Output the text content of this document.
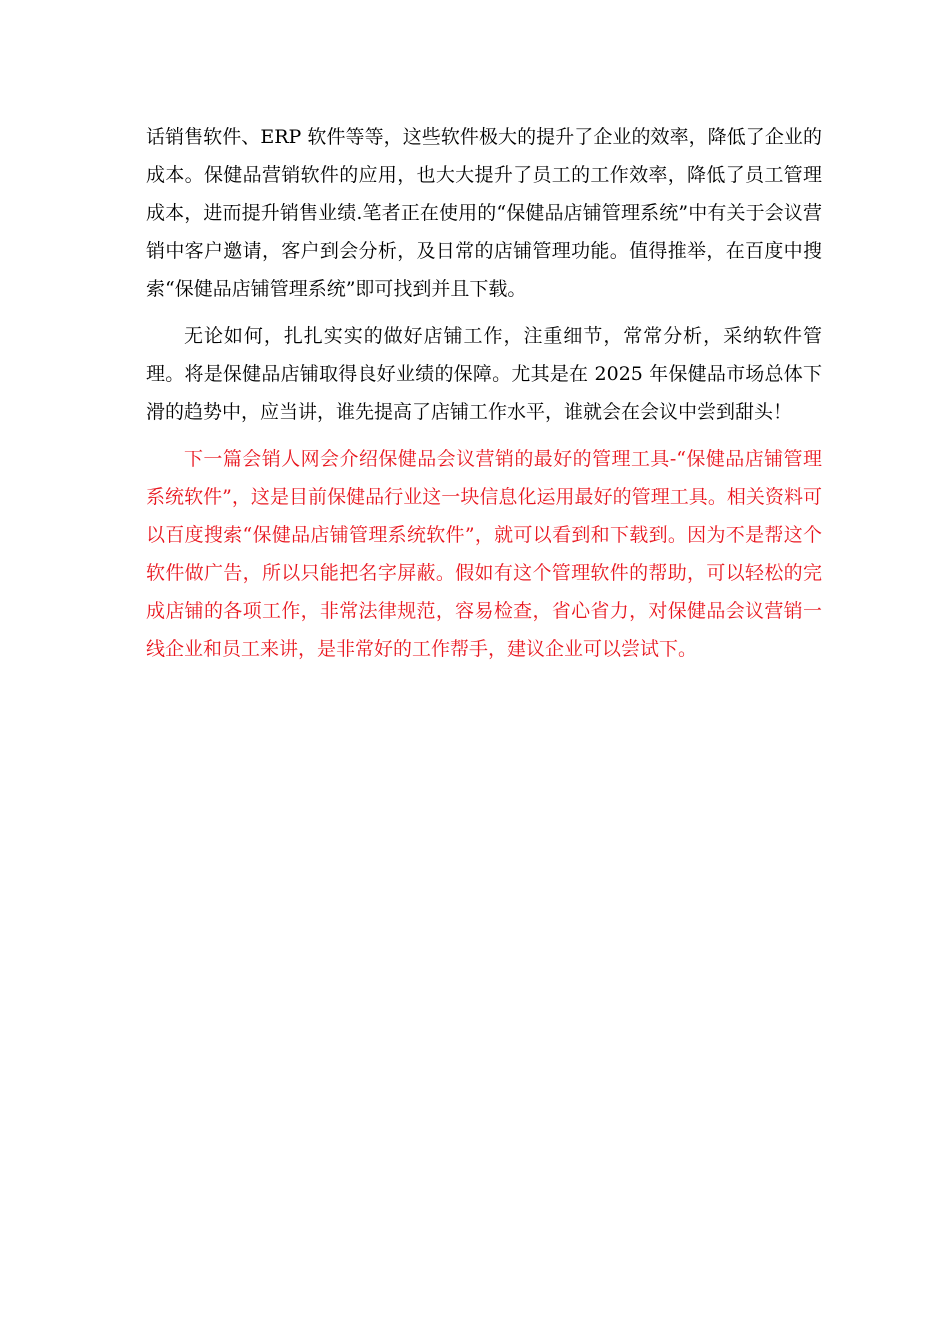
话销售软件、ERP 软件等等，这些软件极大的提升了企业的效率，降低了企业的成本。保健品营销软件的应用，也大大提升了员工的工作效率，降低了员工管理成本，进而提升销售业绩.笔者正在使用的“保健品店铺管理系统”中有关于会议营销中客户邀请，客户到会分析，及日常的店铺管理功能。值得推举，在百度中搜索“保健品店铺管理系统”即可找到并且下载。

无论如何，扎扎实实的做好店铺工作，注重细节，常常分析，采纳软件管理。将是保健品店铺取得良好业绩的保障。尤其是在 2025 年保健品市场总体下滑的趋势中，应当讲，谁先提高了店铺工作水平，谁就会在会议中尝到甜头！

下一篇会销人网会介绍保健品会议营销的最好的管理工具-“保健品店铺管理系统软件”，这是目前保健品行业这一块信息化运用最好的管理工具。相关资料可以百度搜索“保健品店铺管理系统软件”，就可以看到和下载到。因为不是帮这个软件做广告，所以只能把名字屏蔽。假如有这个管理软件的帮助，可以轻松的完成店铺的各项工作，非常法律规范，容易检查，省心省力，对保健品会议营销一线企业和员工来讲，是非常好的工作帮手，建议企业可以尝试下。
